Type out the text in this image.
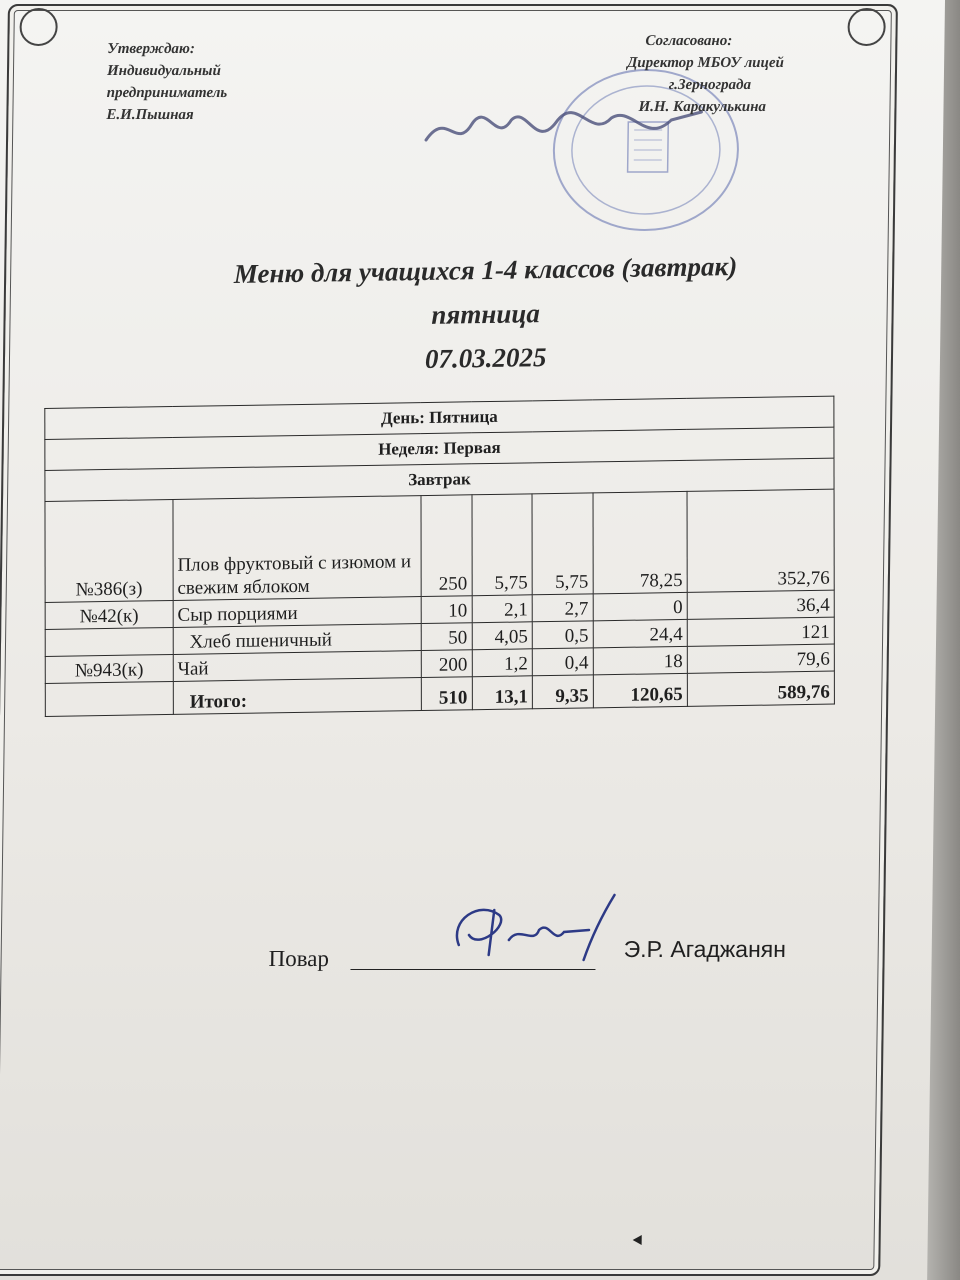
Утверждаю:
Индивидуальный
предприниматель
Е.И.Пышная
Согласовано:
Директор МБОУ лицей
г.Зернограда
И.Н. Каракулькина
Меню для учащихся 1-4 классов (завтрак)
пятница
07.03.2025
День: Пятница						
Неделя: Первая						
Завтрак						
№386(з)	Плов фруктовый с изюмом и свежим яблоком	250	5,75	5,75	78,25	352,76
№42(к)	Сыр порциями	10	2,1	2,7	0	36,4
	Хлеб пшеничный	50	4,05	0,5	24,4	121
№943(к)	Чай	200	1,2	0,4	18	79,6
	Итого:	510	13,1	9,35	120,65	589,76
Повар	Э.Р. Агаджанян
